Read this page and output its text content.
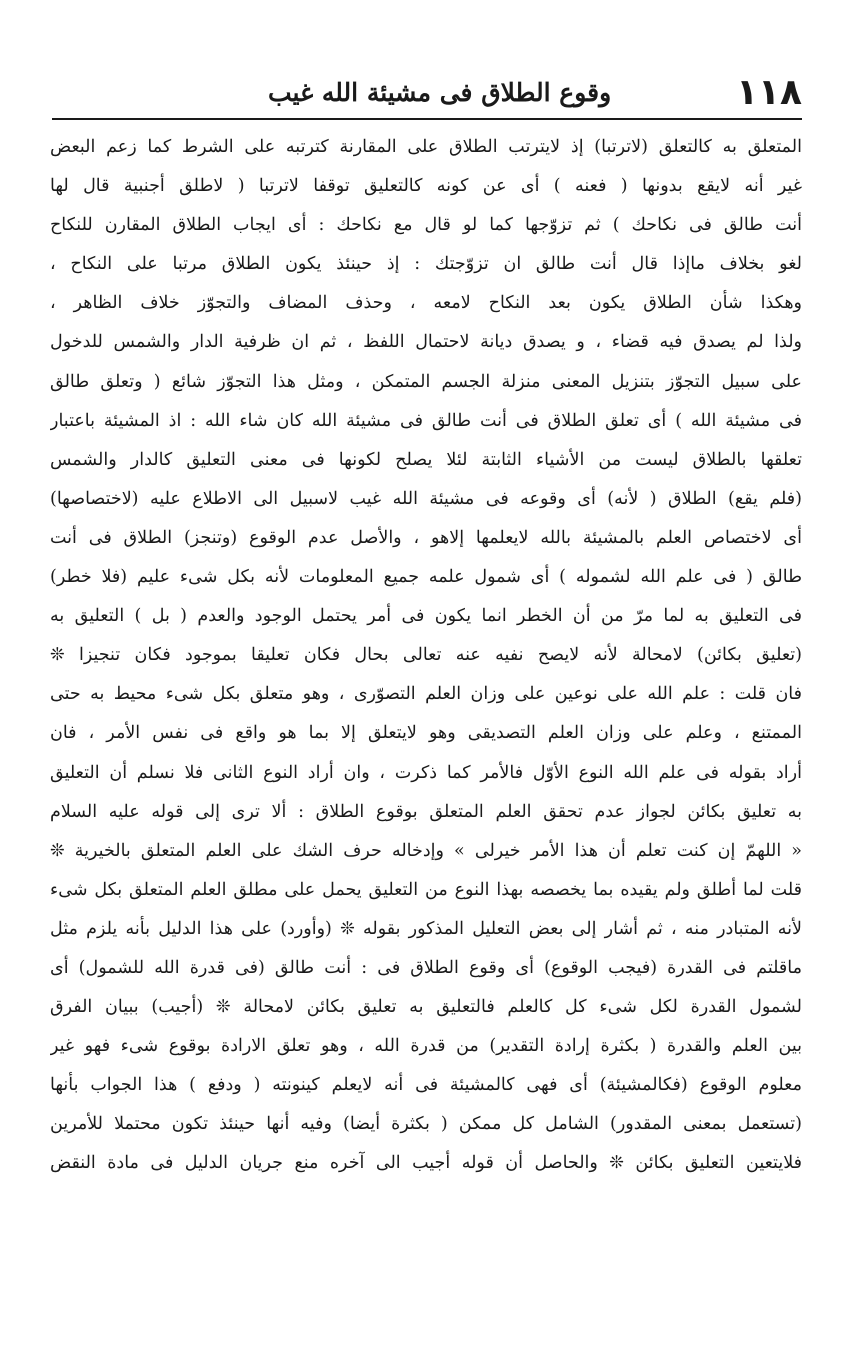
وقوع الطلاق فى مشيئة الله غيب	١١٨
المتعلق به كالتعلق (لاترتبا) إذ لايترتب الطلاق على المقارنة كترتبه على الشرط كما زعم البعض
غير أنه لايقع بدونها ( فعنه ) أى عن كونه كالتعليق توقفا لاترتبا ( لاطلق أجنبية قال لها
أنت طالق فى نكاحك ) ثم تزوّجها كما لو قال مع نكاحك : أى ايجاب الطلاق المقارن للنكاح
لغو بخلاف ماإذا قال أنت طالق ان تزوّجتك : إذ حينئذ يكون الطلاق مرتبا على النكاح ،
وهكذا شأن الطلاق يكون بعد النكاح لامعه ، وحذف المضاف والتجوّز خلاف الظاهر ،
ولذا لم يصدق فيه قضاء ، و يصدق ديانة لاحتمال اللفظ ، ثم ان ظرفية الدار والشمس للدخول
على سبيل التجوّز بتنزيل المعنى منزلة الجسم المتمكن ، ومثل هذا التجوّز شائع ( وتعلق طالق
فى مشيئة الله ) أى تعلق الطلاق فى أنت طالق فى مشيئة الله كان شاء الله : اذ المشيئة باعتبار
تعلقها بالطلاق ليست من الأشياء الثابتة لئلا يصلح لكونها فى معنى التعليق كالدار والشمس
(فلم يقع) الطلاق ( لأنه) أى وقوعه فى مشيئة الله غيب لاسبيل الى الاطلاع عليه (لاختصاصها)
أى لاختصاص العلم بالمشيئة بالله لايعلمها إلاهو ، والأصل عدم الوقوع (وتنجز) الطلاق فى أنت
طالق ( فى علم الله لشموله ) أى شمول علمه جميع المعلومات لأنه بكل شىء عليم (فلا خطر)
فى التعليق به لما مرّ من أن الخطر انما يكون فى أمر يحتمل الوجود والعدم ( بل ) التعليق به
(تعليق بكائن) لامحالة لأنه لايصح نفيه عنه تعالى بحال فكان تعليقا بموجود فكان تنجيزا ❊
فان قلت : علم الله على نوعين على وزان العلم التصوّرى ، وهو متعلق بكل شىء محيط به حتى
الممتنع ، وعلم على وزان العلم التصديقى وهو لايتعلق إلا بما هو واقع فى نفس الأمر ، فان
أراد بقوله فى علم الله النوع الأوّل فالأمر كما ذكرت ، وان أراد النوع الثانى فلا نسلم أن التعليق
به تعليق بكائن لجواز عدم تحقق العلم المتعلق بوقوع الطلاق : ألا ترى إلى قوله عليه السلام
« اللهمّ إن كنت تعلم أن هذا الأمر خيرلى » وإدخاله حرف الشك على العلم المتعلق بالخيرية ❊
قلت لما أطلق ولم يقيده بما يخصصه بهذا النوع من التعليق يحمل على مطلق العلم المتعلق بكل شىء
لأنه المتبادر منه ، ثم أشار إلى بعض التعليل المذكور بقوله ❊ (وأورد) على هذا الدليل بأنه يلزم مثل
ماقلتم فى القدرة (فيجب الوقوع) أى وقوع الطلاق فى : أنت طالق (فى قدرة الله للشمول) أى
لشمول القدرة لكل شىء كل كالعلم فالتعليق به تعليق بكائن لامحالة ❊ (أجيب) ببيان الفرق
بين العلم والقدرة ( بكثرة إرادة التقدير) من قدرة الله ، وهو تعلق الارادة بوقوع شىء فهو غير
معلوم الوقوع (فكالمشيئة) أى فهى كالمشيئة فى أنه لايعلم كينونته ( ودفع ) هذا الجواب بأنها
(تستعمل بمعنى المقدور) الشامل كل ممكن ( بكثرة أيضا) وفيه أنها حينئذ تكون محتملا للأمرين
فلايتعين التعليق بكائن ❊ والحاصل أن قوله أجيب الى آخره منع جريان الدليل فى مادة النقض
